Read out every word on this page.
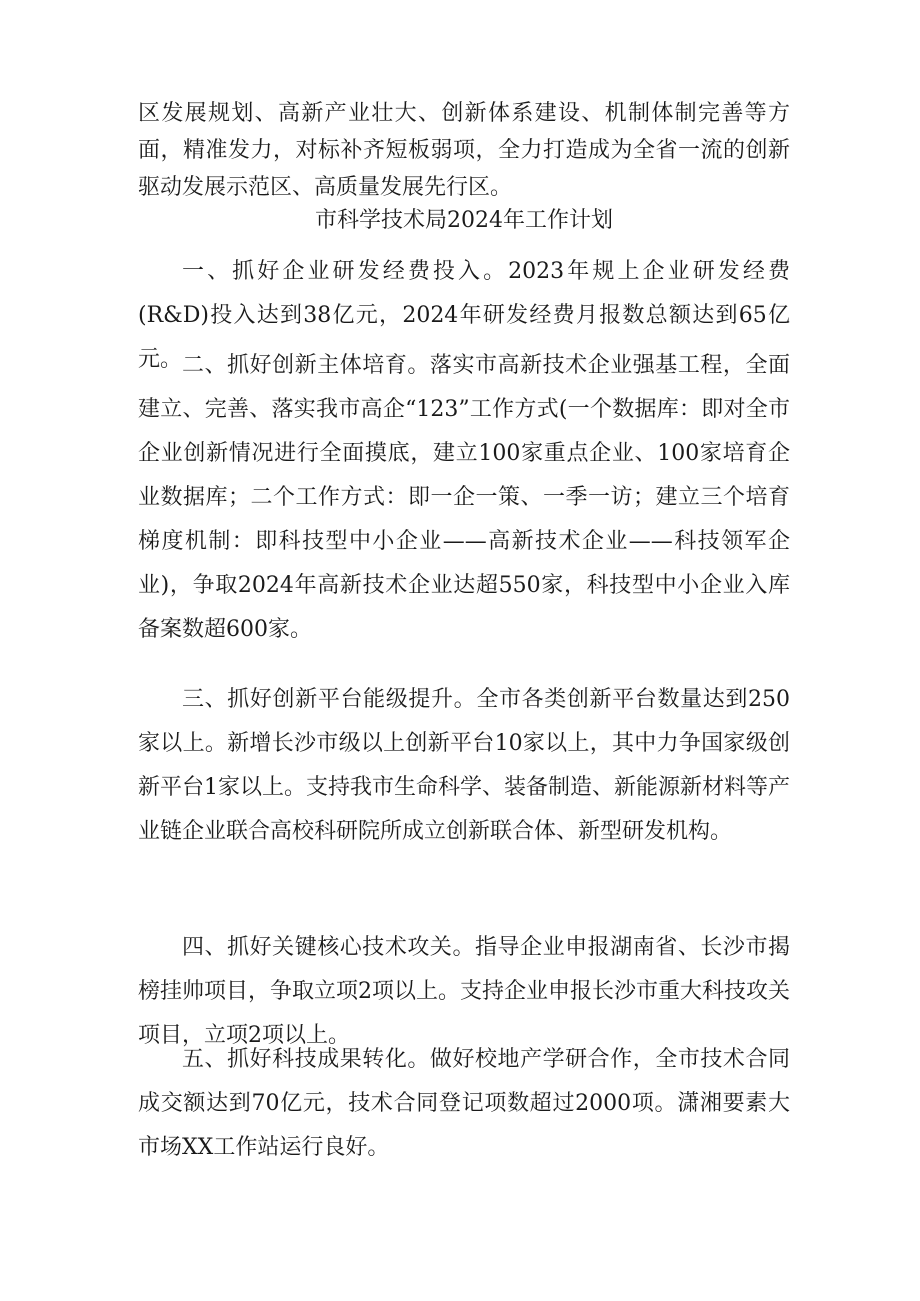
区发展规划、高新产业壮大、创新体系建设、机制体制完善等方面，精准发力，对标补齐短板弱项，全力打造成为全省一流的创新驱动发展示范区、高质量发展先行区。

市科学技术局2024年工作计划

一、抓好企业研发经费投入。2023年规上企业研发经费(R&D)投入达到38亿元，2024年研发经费月报数总额达到65亿元。 二、抓好创新主体培育。落实市高新技术企业强基工程，全面建立、完善、落实我市高企“123”工作方式(一个数据库：即对全市企业创新情况进行全面摸底，建立100家重点企业、100家培育企业数据库；二个工作方式：即一企一策、一季一访；建立三个培育梯度机制：即科技型中小企业——高新技术企业——科技领军企业)，争取2024年高新技术企业达超550家，科技型中小企业入库备案数超600家。

三、抓好创新平台能级提升。全市各类创新平台数量达到250家以上。新增长沙市级以上创新平台10家以上，其中力争国家级创新平台1家以上。支持我市生命科学、装备制造、新能源新材料等产业链企业联合高校科研院所成立创新联合体、新型研发机构。

四、抓好关键核心技术攻关。指导企业申报湖南省、长沙市揭榜挂帅项目，争取立项2项以上。支持企业申报长沙市重大科技攻关项目，立项2项以上。

五、抓好科技成果转化。做好校地产学研合作，全市技术合同成交额达到70亿元，技术合同登记项数超过2000项。潇湘要素大市场XX工作站运行良好。
